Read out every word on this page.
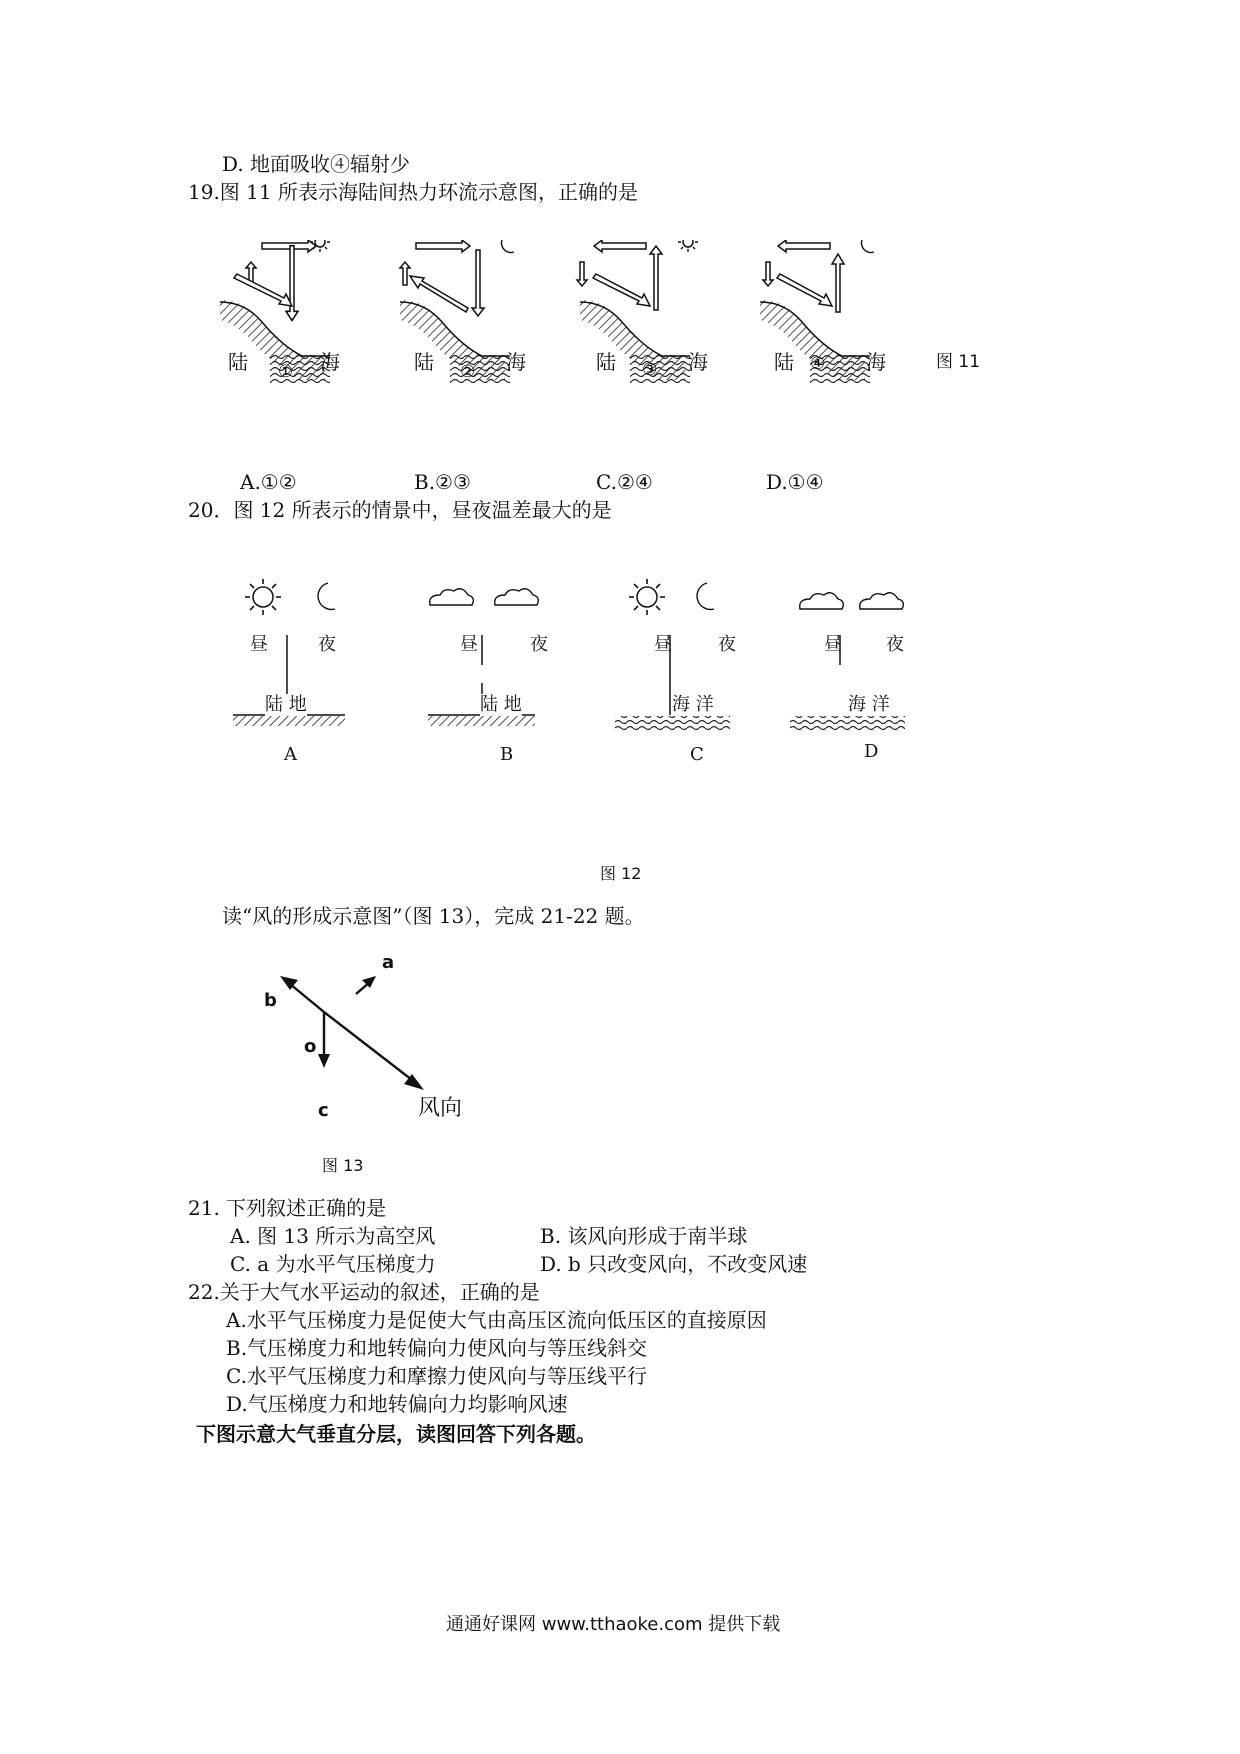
D. 地面吸收④辐射少
19.图 11 所表示海陆间热力环流示意图，正确的是
陆 ① 海	陆 ② 海	陆 ③ 海	陆 ④ 海	图 11
A.①②	B.②③	C.②④	D.①④
20．图 12 所表示的情景中，昼夜温差最大的是
昼	夜
陆 地
A
昼	夜
陆 地
B
昼	夜
海 洋
C
昼 夜
海 洋
D
图 12
读“风的形成示意图”（图 13），完成 21-22 题。
a
b
o
c	风向
图 13
21. 下列叙述正确的是
A. 图 13 所示为高空风	B. 该风向形成于南半球
C. a 为水平气压梯度力	D. b 只改变风向，不改变风速
22.关于大气水平运动的叙述，正确的是
A.水平气压梯度力是促使大气由高压区流向低压区的直接原因
B.气压梯度力和地转偏向力使风向与等压线斜交
C.水平气压梯度力和摩擦力使风向与等压线平行
D.气压梯度力和地转偏向力均影响风速
下图示意大气垂直分层，读图回答下列各题。
通通好课网 www.tthaoke.com 提供下载
